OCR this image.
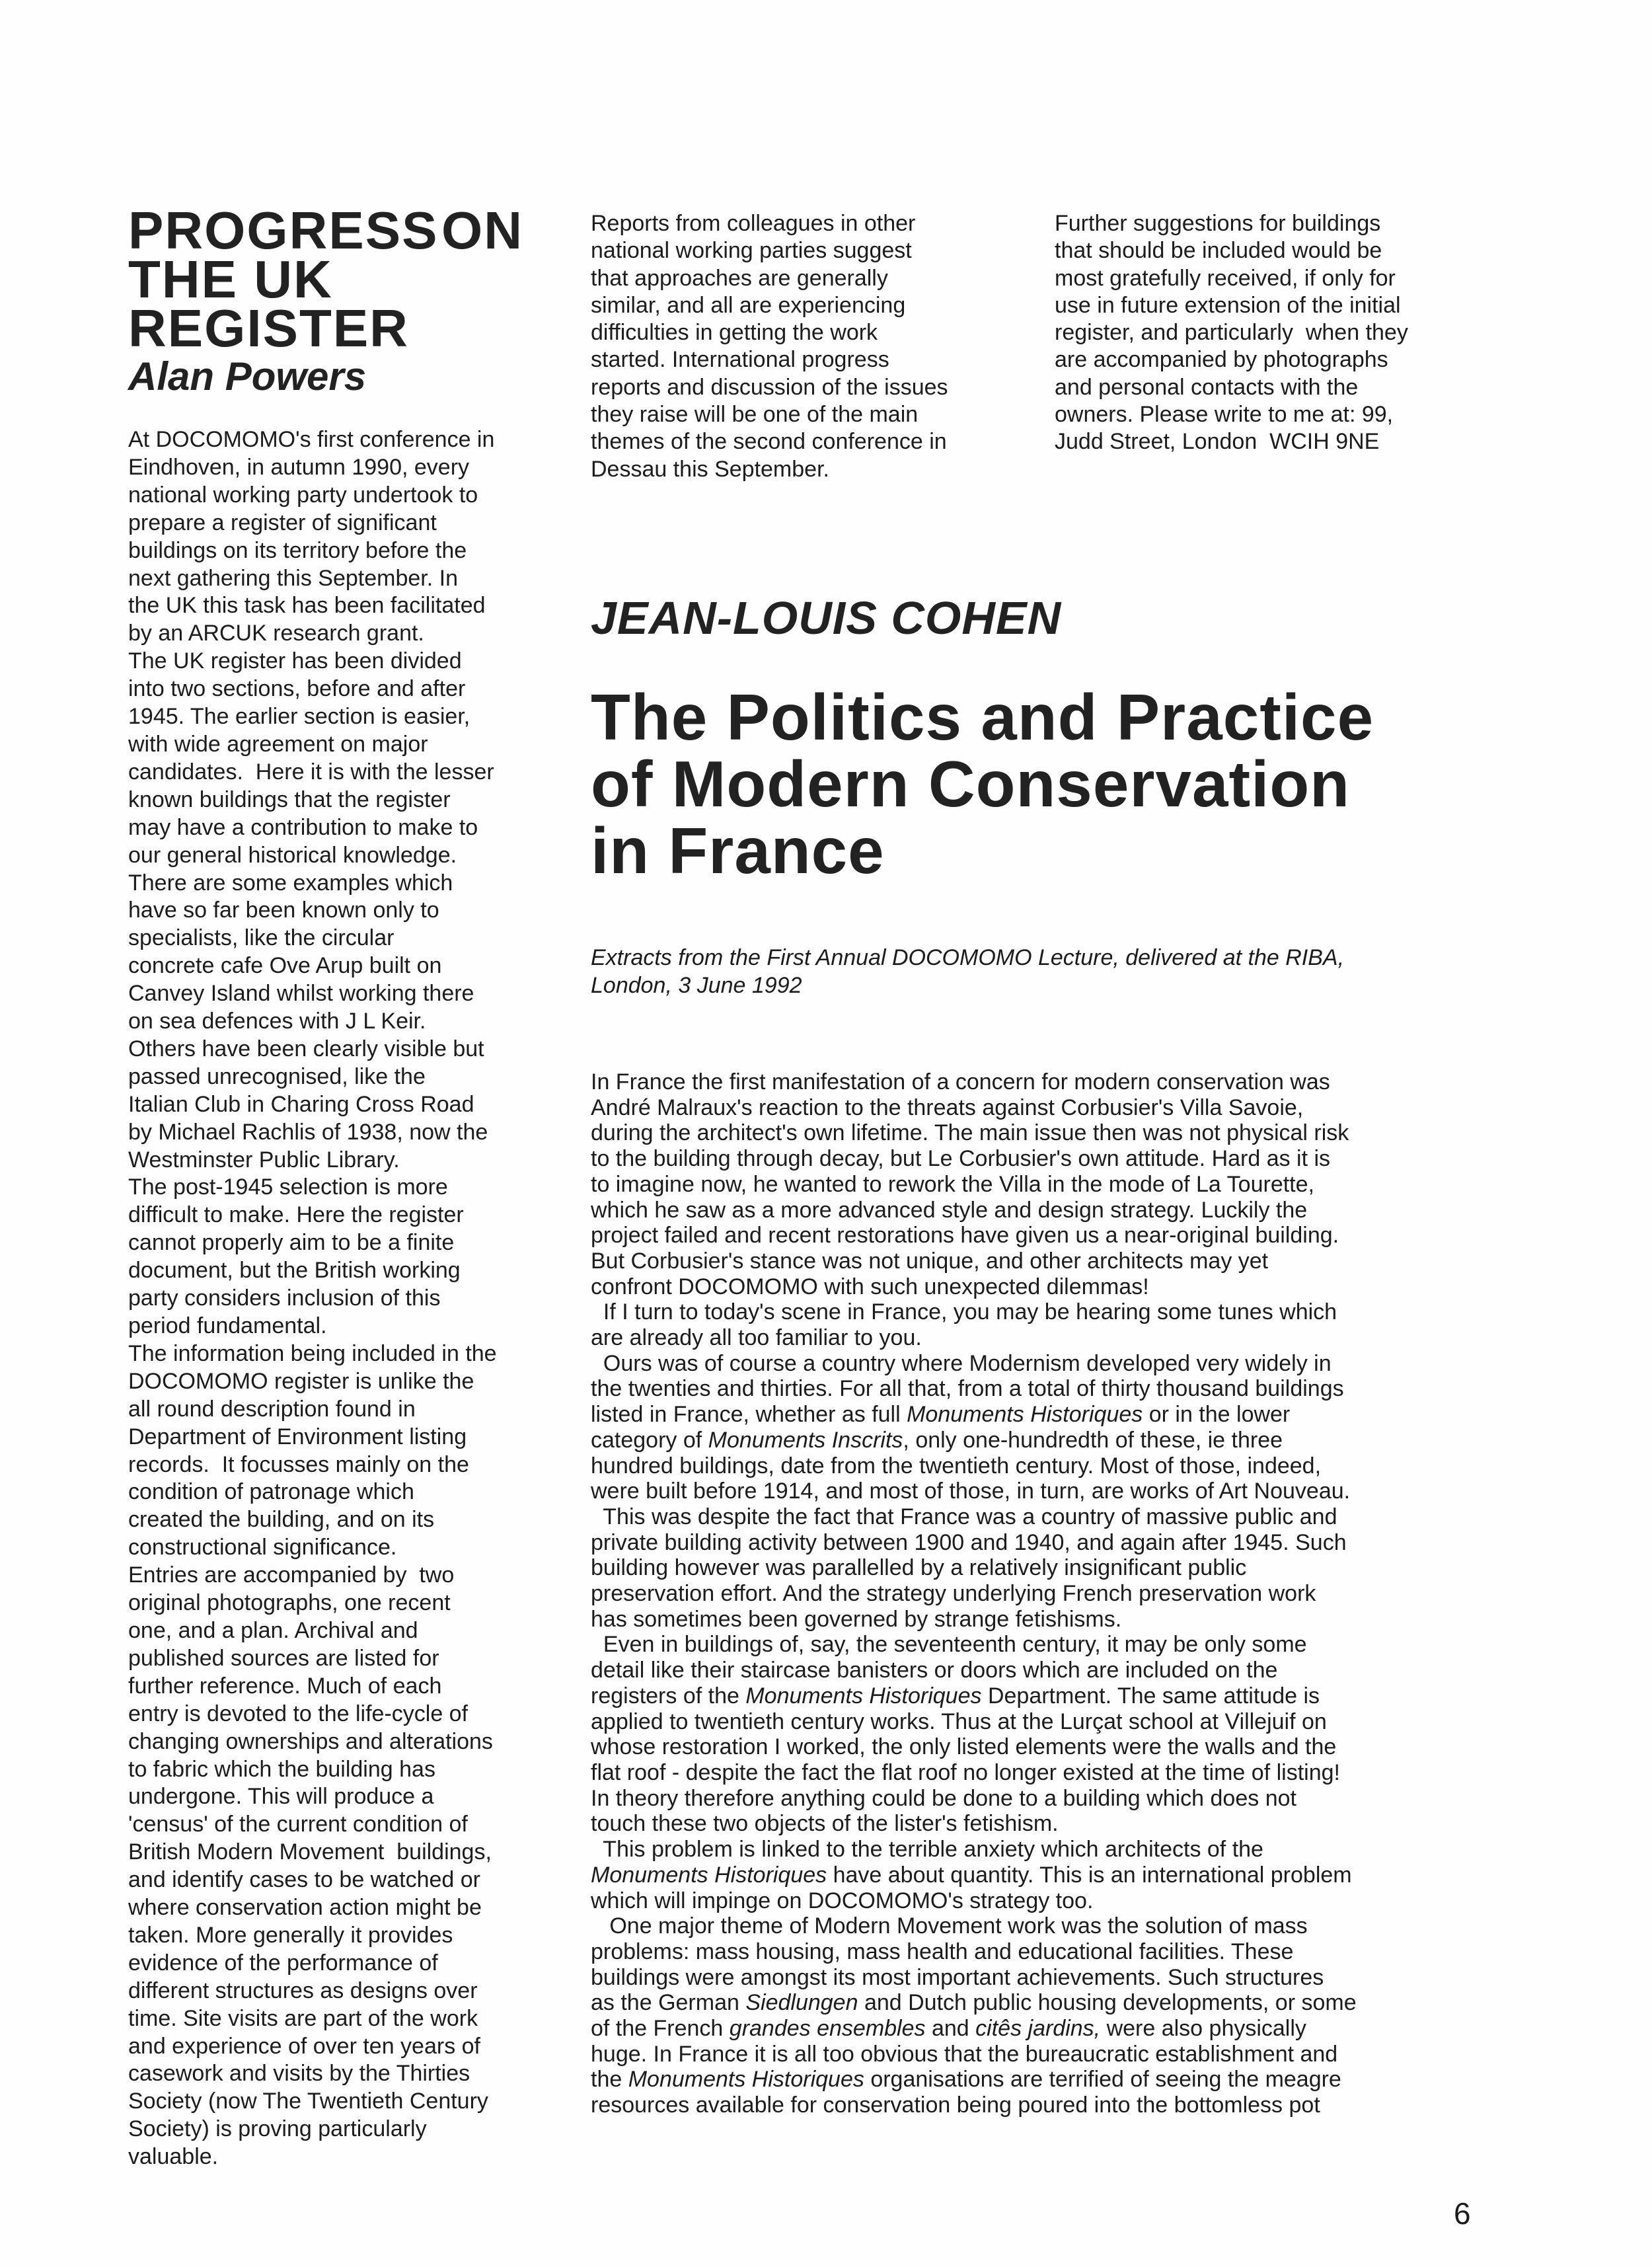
PROGRESS ON
THE UK
REGISTER
Alan Powers
At DOCOMOMO's first conference in
Eindhoven, in autumn 1990, every
national working party undertook to
prepare a register of significant
buildings on its territory before the
next gathering this September. In
the UK this task has been facilitated
by an ARCUK research grant.
The UK register has been divided
into two sections, before and after
1945. The earlier section is easier,
with wide agreement on major
candidates.  Here it is with the lesser
known buildings that the register
may have a contribution to make to
our general historical knowledge.
There are some examples which
have so far been known only to
specialists, like the circular
concrete cafe Ove Arup built on
Canvey Island whilst working there
on sea defences with J L Keir.
Others have been clearly visible but
passed unrecognised, like the
Italian Club in Charing Cross Road
by Michael Rachlis of 1938, now the
Westminster Public Library.
The post-1945 selection is more
difficult to make. Here the register
cannot properly aim to be a finite
document, but the British working
party considers inclusion of this
period fundamental.
The information being included in the
DOCOMOMO register is unlike the
all round description found in
Department of Environment listing
records.  It focusses mainly on the
condition of patronage which
created the building, and on its
constructional significance.
Entries are accompanied by  two
original photographs, one recent
one, and a plan. Archival and
published sources are listed for
further reference. Much of each
entry is devoted to the life-cycle of
changing ownerships and alterations
to fabric which the building has
undergone. This will produce a
'census' of the current condition of
British Modern Movement  buildings,
and identify cases to be watched or
where conservation action might be
taken. More generally it provides
evidence of the performance of
different structures as designs over
time. Site visits are part of the work
and experience of over ten years of
casework and visits by the Thirties
Society (now The Twentieth Century
Society) is proving particularly
valuable.
Reports from colleagues in other
national working parties suggest
that approaches are generally
similar, and all are experiencing
difficulties in getting the work
started. International progress
reports and discussion of the issues
they raise will be one of the main
themes of the second conference in
Dessau this September.
Further suggestions for buildings
that should be included would be
most gratefully received, if only for
use in future extension of the initial
register, and particularly  when they
are accompanied by photographs
and personal contacts with the
owners. Please write to me at: 99,
Judd Street, London  WCIH 9NE
JEAN-LOUIS COHEN
The Politics and Practice
of Modern Conservation
in France
Extracts from the First Annual DOCOMOMO Lecture, delivered at the RIBA,
London, 3 June 1992
In France the first manifestation of a concern for modern conservation was
André Malraux's reaction to the threats against Corbusier's Villa Savoie,
during the architect's own lifetime. The main issue then was not physical risk
to the building through decay, but Le Corbusier's own attitude. Hard as it is
to imagine now, he wanted to rework the Villa in the mode of La Tourette,
which he saw as a more advanced style and design strategy. Luckily the
project failed and recent restorations have given us a near-original building.
But Corbusier's stance was not unique, and other architects may yet
confront DOCOMOMO with such unexpected dilemmas!
If I turn to today's scene in France, you may be hearing some tunes which
are already all too familiar to you.
Ours was of course a country where Modernism developed very widely in
the twenties and thirties. For all that, from a total of thirty thousand buildings
listed in France, whether as full Monuments Historiques or in the lower
category of Monuments Inscrits, only one-hundredth of these, ie three
hundred buildings, date from the twentieth century. Most of those, indeed,
were built before 1914, and most of those, in turn, are works of Art Nouveau.
This was despite the fact that France was a country of massive public and
private building activity between 1900 and 1940, and again after 1945. Such
building however was parallelled by a relatively insignificant public
preservation effort. And the strategy underlying French preservation work
has sometimes been governed by strange fetishisms.
Even in buildings of, say, the seventeenth century, it may be only some
detail like their staircase banisters or doors which are included on the
registers of the Monuments Historiques Department. The same attitude is
applied to twentieth century works. Thus at the Lurçat school at Villejuif on
whose restoration I worked, the only listed elements were the walls and the
flat roof - despite the fact the flat roof no longer existed at the time of listing!
In theory therefore anything could be done to a building which does not
touch these two objects of the lister's fetishism.
This problem is linked to the terrible anxiety which architects of the
Monuments Historiques have about quantity. This is an international problem
which will impinge on DOCOMOMO's strategy too.
One major theme of Modern Movement work was the solution of mass
problems: mass housing, mass health and educational facilities. These
buildings were amongst its most important achievements. Such structures
as the German Siedlungen and Dutch public housing developments, or some
of the French grandes ensembles and citês jardins, were also physically
huge. In France it is all too obvious that the bureaucratic establishment and
the Monuments Historiques organisations are terrified of seeing the meagre
resources available for conservation being poured into the bottomless pot
6
